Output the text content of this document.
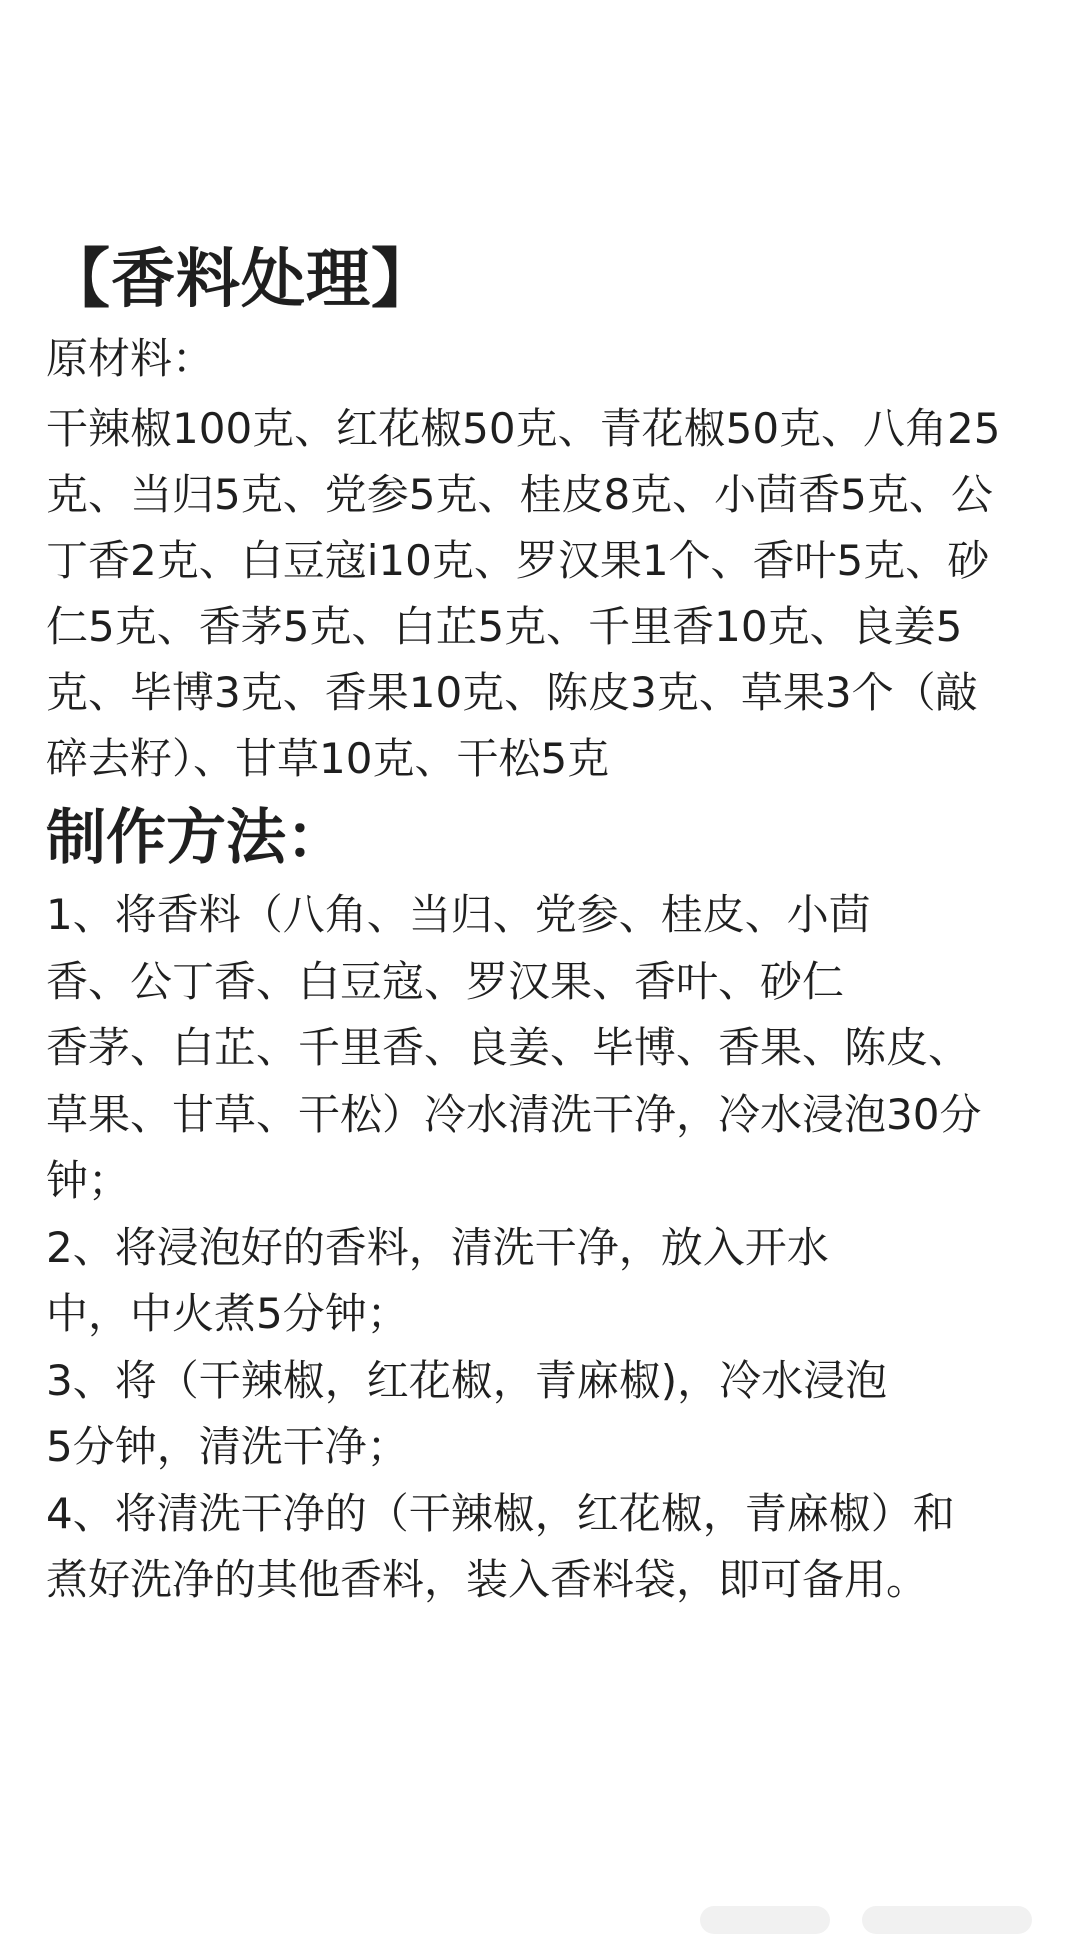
【香料处理】

原材料：

干辣椒100克、红花椒50克、青花椒50克、八角25
克、当归5克、党参5克、桂皮8克、小茴香5克、公
丁香2克、白豆寇i10克、罗汉果1个、香叶5克、砂
仁5克、香茅5克、白芷5克、千里香10克、良姜5
克、毕博3克、香果10克、陈皮3克、草果3个（敲
碎去籽）、甘草10克、干松5克
制作方法：
1、将香料（八角、当归、党参、桂皮、小茴
香、公丁香、白豆寇、罗汉果、香叶、砂仁
香茅、白芷、千里香、良姜、毕博、香果、陈皮、
草果、甘草、干松）冷水清洗干净，冷水浸泡30分
钟；
2、将浸泡好的香料，清洗干净，放入开水
中，中火煮5分钟；
3、将（干辣椒，红花椒，青麻椒)，冷水浸泡
5分钟，清洗干净；
4、将清洗干净的（干辣椒，红花椒，青麻椒）和
煮好洗净的其他香料，装入香料袋，即可备用。
